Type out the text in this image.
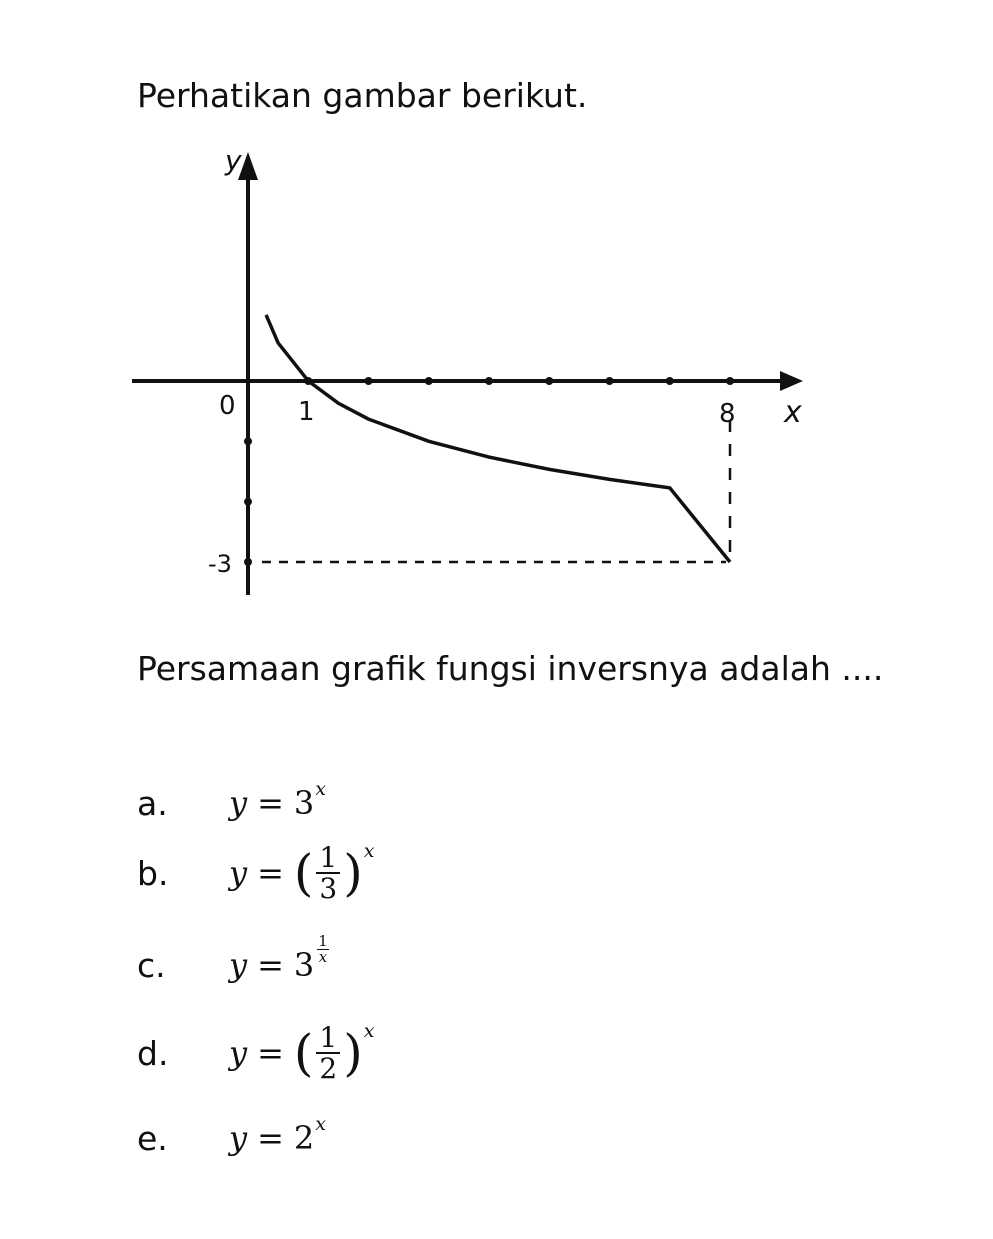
Perhatikan gambar berikut.
y
x
0 1	8
-3
Persamaan grafik fungsi inversnya adalah ....
a.	y = 3 x
b.	y = ( $\frac{1}{3}$ ) x
c.	$y = 3 \frac{1}{x}$
d.	y = ( $\frac{1}{2}$ ) x
e.	y = 2 x
